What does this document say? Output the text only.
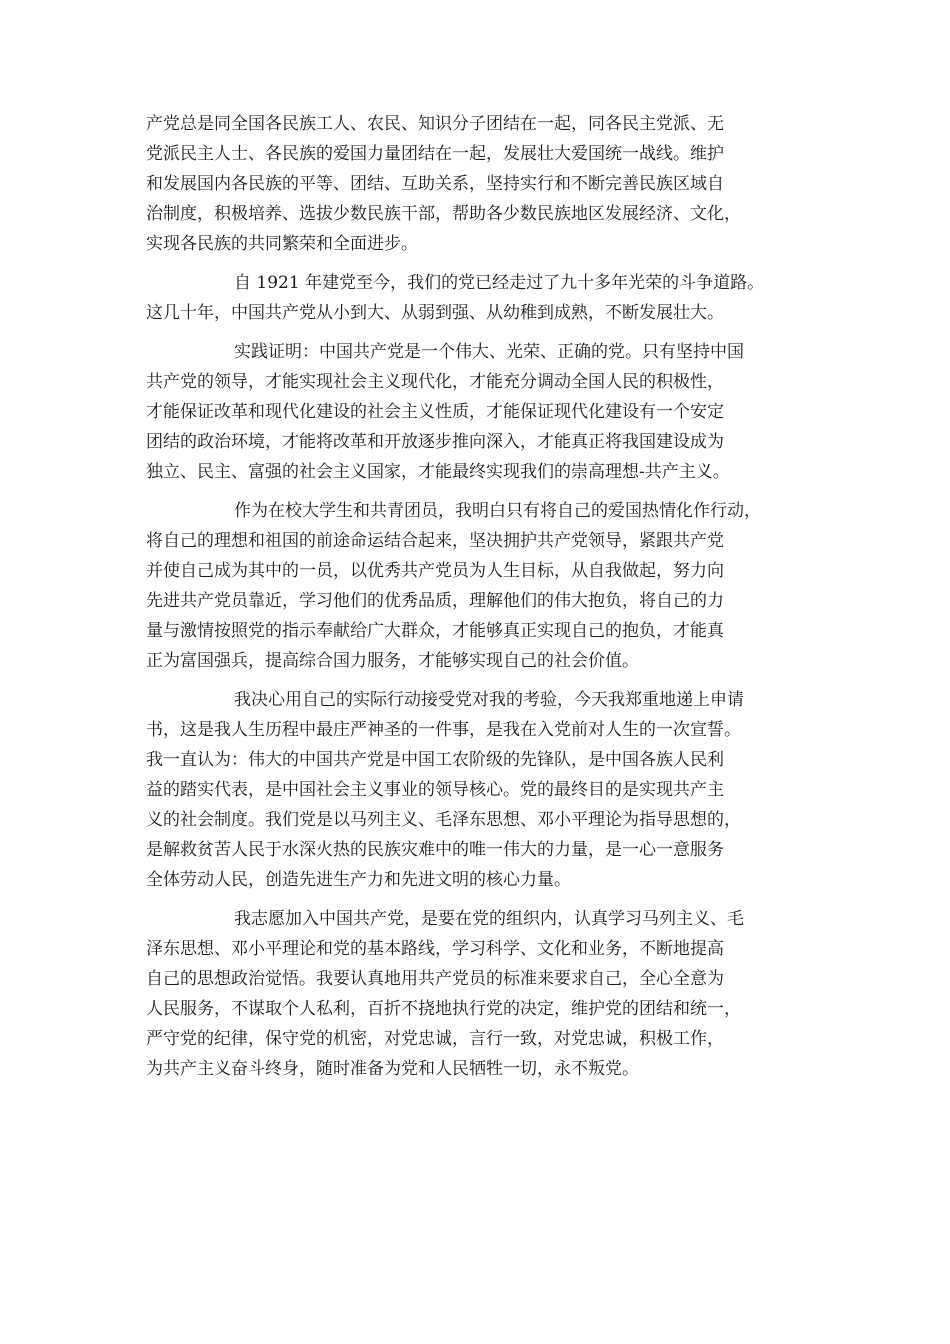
产党总是同全国各民族工人、农民、知识分子团结在一起，同各民主党派、无
党派民主人士、各民族的爱国力量团结在一起，发展壮大爱国统一战线。维护
和发展国内各民族的平等、团结、互助关系，坚持实行和不断完善民族区域自
治制度，积极培养、选拔少数民族干部，帮助各少数民族地区发展经济、文化，
实现各民族的共同繁荣和全面进步。

自 1921 年建党至今，我们的党已经走过了九十多年光荣的斗争道路。
这几十年，中国共产党从小到大、从弱到强、从幼稚到成熟，不断发展壮大。

实践证明：中国共产党是一个伟大、光荣、正确的党。只有坚持中国
共产党的领导，才能实现社会主义现代化，才能充分调动全国人民的积极性，
才能保证改革和现代化建设的社会主义性质，才能保证现代化建设有一个安定
团结的政治环境，才能将改革和开放逐步推向深入，才能真正将我国建设成为
独立、民主、富强的社会主义国家，才能最终实现我们的崇高理想-共产主义。

作为在校大学生和共青团员，我明白只有将自己的爱国热情化作行动，
将自己的理想和祖国的前途命运结合起来，坚决拥护共产党领导，紧跟共产党
并使自己成为其中的一员，以优秀共产党员为人生目标，从自我做起，努力向
先进共产党员靠近，学习他们的优秀品质，理解他们的伟大抱负，将自己的力
量与激情按照党的指示奉献给广大群众，才能够真正实现自己的抱负，才能真
正为富国强兵，提高综合国力服务，才能够实现自己的社会价值。

我决心用自己的实际行动接受党对我的考验，今天我郑重地递上申请
书，这是我人生历程中最庄严神圣的一件事，是我在入党前对人生的一次宣誓。
我一直认为：伟大的中国共产党是中国工农阶级的先锋队，是中国各族人民利
益的踏实代表，是中国社会主义事业的领导核心。党的最终目的是实现共产主
义的社会制度。我们党是以马列主义、毛泽东思想、邓小平理论为指导思想的，
是解救贫苦人民于水深火热的民族灾难中的唯一伟大的力量，是一心一意服务
全体劳动人民，创造先进生产力和先进文明的核心力量。

我志愿加入中国共产党，是要在党的组织内，认真学习马列主义、毛
泽东思想、邓小平理论和党的基本路线，学习科学、文化和业务，不断地提高
自己的思想政治觉悟。我要认真地用共产党员的标准来要求自己，全心全意为
人民服务，不谋取个人私利，百折不挠地执行党的决定，维护党的团结和统一，
严守党的纪律，保守党的机密，对党忠诚，言行一致，对党忠诚，积极工作，
为共产主义奋斗终身，随时准备为党和人民牺牲一切，永不叛党。
